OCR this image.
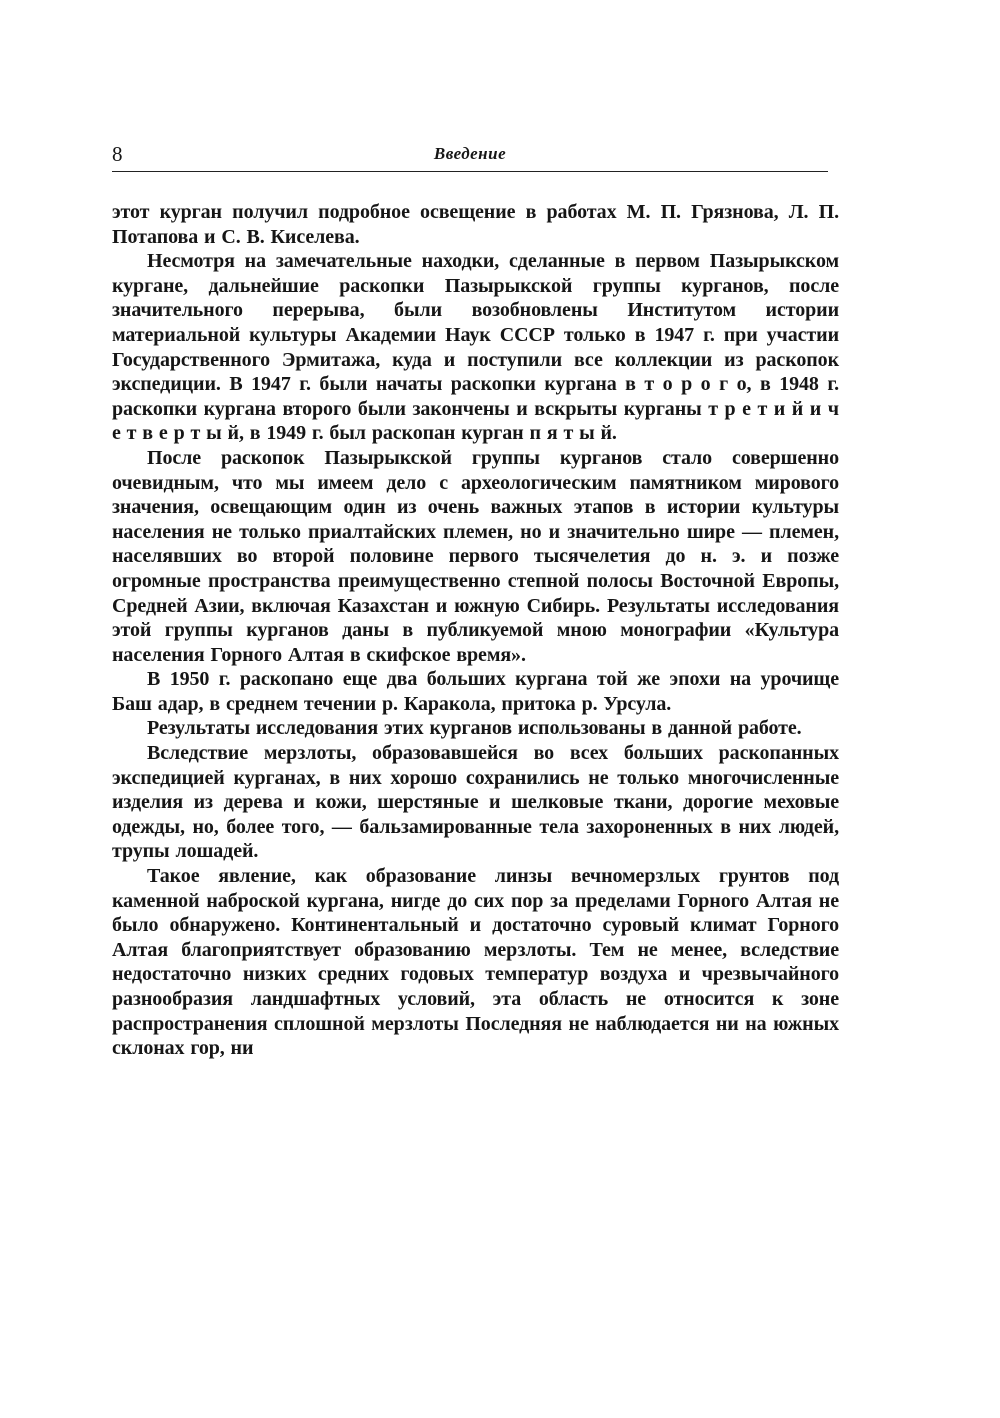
8	Введение

этот курган получил подробное освещение в работах М. П. Грязнова, Л. П. Потапова и С. В. Киселева.

Несмотря на замечательные находки, сделанные в первом Пазырыкском кургане, дальнейшие раскопки Пазырыкской группы курганов, после значительного перерыва, были возобновлены Институтом истории материальной культуры Академии Наук СССР только в 1947 г. при участии Государственного Эрмитажа, куда и поступили все коллекции из раскопок экспедиции. В 1947 г. были начаты раскопки кургана в т о р о г о, в 1948 г. раскопки кургана второго были закончены и вскрыты курганы т р е т и й и ч е т в е р т ы й, в 1949 г. был раскопан курган п я т ы й.

После раскопок Пазырыкской группы курганов стало совершенно очевидным, что мы имеем дело с археологическим памятником мирового значения, освещающим один из очень важных этапов в истории культуры населения не только приалтайских племен, но и значительно шире — племен, населявших во второй половине первого тысячелетия до н. э. и позже огромные пространства преимущественно степной полосы Восточной Европы, Средней Азии, включая Казахстан и южную Сибирь. Результаты исследования этой группы курганов даны в публикуемой мною монографии «Культура населения Горного Алтая в скифское время».

В 1950 г. раскопано еще два больших кургана той же эпохи на урочище Баш адар, в среднем течении р. Каракола, притока р. Урсула.

Результаты исследования этих курганов использованы в данной работе.

Вследствие мерзлоты, образовавшейся во всех больших раскопанных экспедицией курганах, в них хорошо сохранились не только многочисленные изделия из дерева и кожи, шерстяные и шелковые ткани, дорогие меховые одежды, но, более того, — бальзамированные тела захороненных в них людей, трупы лошадей.

Такое явление, как образование линзы вечномерзлых грунтов под каменной наброской кургана, нигде до сих пор за пределами Горного Алтая не было обнаружено. Континентальный и достаточно суровый климат Горного Алтая благоприятствует образованию мерзлоты. Тем не менее, вследствие недостаточно низких средних годовых температур воздуха и чрезвычайного разнообразия ландшафтных условий, эта область не относится к зоне распространения сплошной мерзлоты Последняя не наблюдается ни на южных склонах гор, ни
